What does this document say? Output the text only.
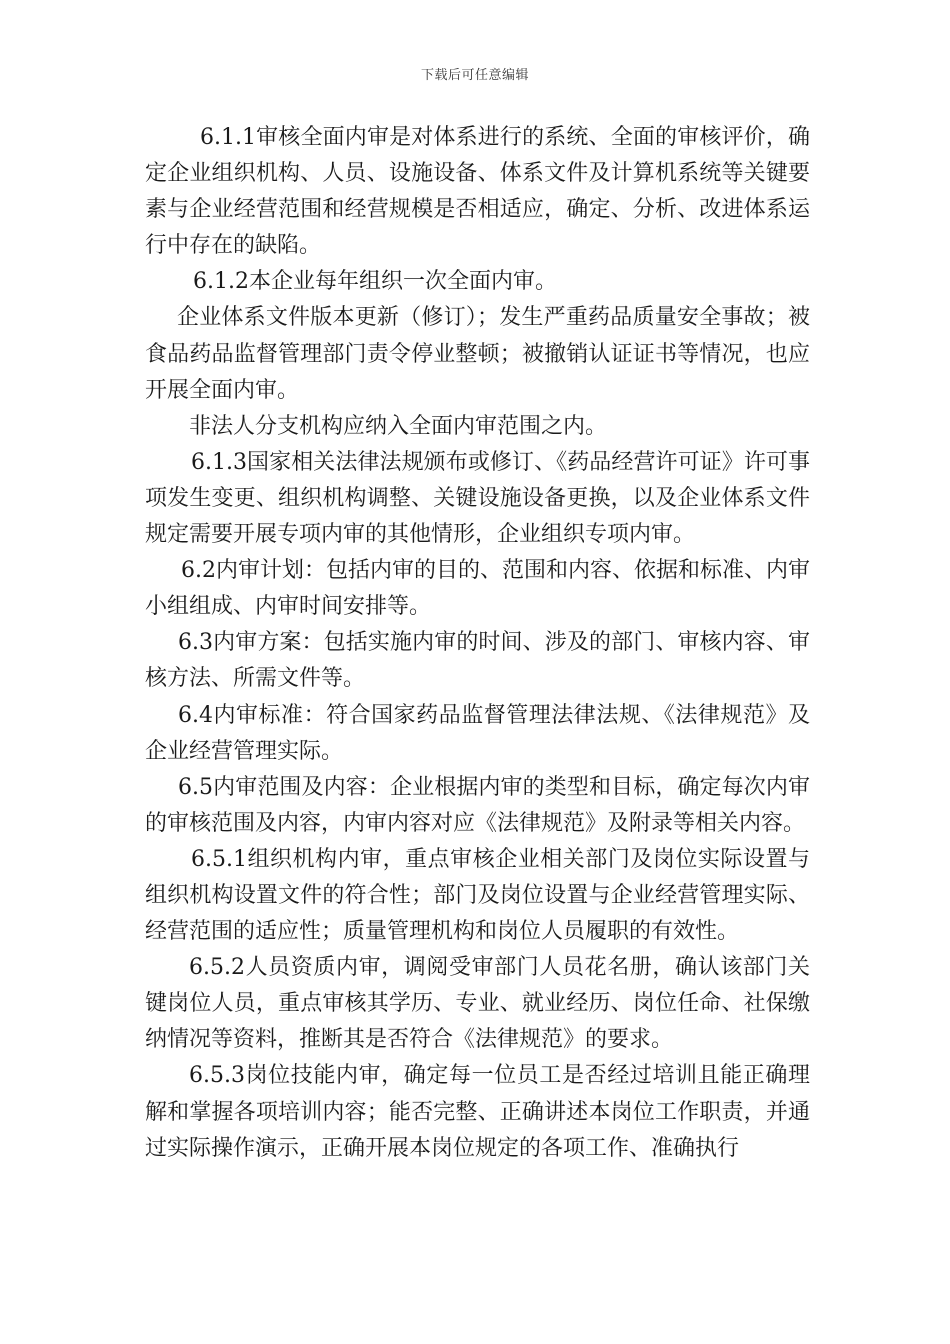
下载后可任意编辑

6.1.1审核全面内审是对体系进行的系统、全面的审核评价，确定企业组织机构、人员、设施设备、体系文件及计算机系统等关键要素与企业经营范围和经营规模是否相适应，确定、分析、改进体系运行中存在的缺陷。

6.1.2本企业每年组织一次全面内审。

企业体系文件版本更新（修订）；发生严重药品质量安全事故；被食品药品监督管理部门责令停业整顿；被撤销认证证书等情况，也应开展全面内审。

非法人分支机构应纳入全面内审范围之内。

6.1.3国家相关法律法规颁布或修订、《药品经营许可证》许可事项发生变更、组织机构调整、关键设施设备更换，以及企业体系文件规定需要开展专项内审的其他情形，企业组织专项内审。

6.2内审计划：包括内审的目的、范围和内容、依据和标准、内审小组组成、内审时间安排等。

6.3内审方案：包括实施内审的时间、涉及的部门、审核内容、审核方法、所需文件等。

6.4内审标准：符合国家药品监督管理法律法规、《法律规范》及企业经营管理实际。

6.5内审范围及内容：企业根据内审的类型和目标，确定每次内审的审核范围及内容，内审内容对应《法律规范》及附录等相关内容。

6.5.1组织机构内审，重点审核企业相关部门及岗位实际设置与组织机构设置文件的符合性；部门及岗位设置与企业经营管理实际、经营范围的适应性；质量管理机构和岗位人员履职的有效性。

6.5.2人员资质内审，调阅受审部门人员花名册，确认该部门关键岗位人员，重点审核其学历、专业、就业经历、岗位任命、社保缴纳情况等资料，推断其是否符合《法律规范》的要求。

6.5.3岗位技能内审，确定每一位员工是否经过培训且能正确理解和掌握各项培训内容；能否完整、正确讲述本岗位工作职责，并通过实际操作演示，正确开展本岗位规定的各项工作、准确执行
